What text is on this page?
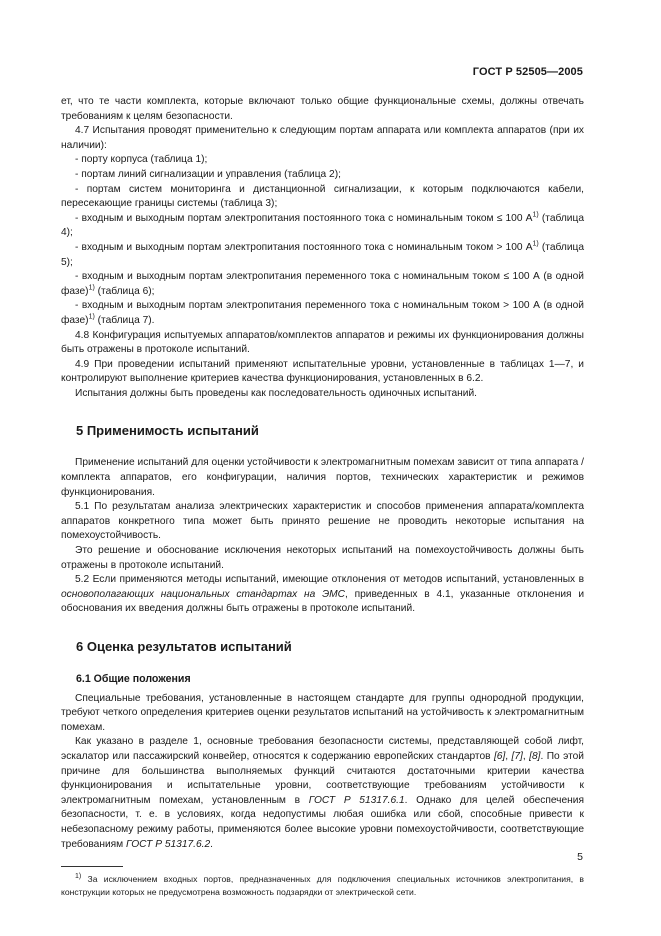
ГОСТ Р 52505—2005

ет, что те части комплекта, которые включают только общие функциональные схемы, должны отвечать требованиям к целям безопасности.

4.7 Испытания проводят применительно к следующим портам аппарата или комплекта аппаратов (при их наличии):

- порту корпуса (таблица 1);

- портам линий сигнализации и управления (таблица 2);

- портам систем мониторинга и дистанционной сигнализации, к которым подключаются кабели, пересекающие границы системы (таблица 3);

- входным и выходным портам электропитания постоянного тока с номинальным током ≤ 100 $А^{1)}$ (таблица 4);

- входным и выходным портам электропитания постоянного тока с номинальным током > 100 $А^{1)}$ (таблица 5);

- входным и выходным портам электропитания переменного тока с номинальным током ≤ 100 А (в одной фазе)$^{1)}$ (таблица 6);

- входным и выходным портам электропитания переменного тока с номинальным током > 100 А (в одной фазе)$^{1)}$ (таблица 7).

4.8 Конфигурация испытуемых аппаратов/комплектов аппаратов и режимы их функционирования должны быть отражены в протоколе испытаний.

4.9 При проведении испытаний применяют испытательные уровни, установленные в таблицах 1—7, и контролируют выполнение критериев качества функционирования, установленных в 6.2.

Испытания должны быть проведены как последовательность одиночных испытаний.

5 Применимость испытаний

Применение испытаний для оценки устойчивости к электромагнитным помехам зависит от типа аппарата / комплекта аппаратов, его конфигурации, наличия портов, технических характеристик и режимов функционирования.

5.1 По результатам анализа электрических характеристик и способов применения аппарата/комплекта аппаратов конкретного типа может быть принято решение не проводить некоторые испытания на помехоустойчивость.

Это решение и обоснование исключения некоторых испытаний на помехоустойчивость должны быть отражены в протоколе испытаний.

5.2 Если применяются методы испытаний, имеющие отклонения от методов испытаний, установленных в основополагающих национальных стандартах на ЭМС, приведенных в 4.1, указанные отклонения и обоснования их введения должны быть отражены в протоколе испытаний.

6 Оценка результатов испытаний
6.1 Общие положения

Специальные требования, установленные в настоящем стандарте для группы однородной продукции, требуют четкого определения критериев оценки результатов испытаний на устойчивость к электромагнитным помехам.

Как указано в разделе 1, основные требования безопасности системы, представляющей собой лифт, эскалатор или пассажирский конвейер, относятся к содержанию европейских стандартов [6], [7], [8]. По этой причине для большинства выполняемых функций считаются достаточными критерии качества функционирования и испытательные уровни, соответствующие требованиям устойчивости к электромагнитным помехам, установленным в ГОСТ Р 51317.6.1. Однако для целей обеспечения безопасности, т. е. в условиях, когда недопустимы любая ошибка или сбой, способные привести к небезопасному режиму работы, применяются более высокие уровни помехоустойчивости, соответствующие требованиям ГОСТ Р 51317.6.2.

$^{1)}$ За исключением входных портов, предназначенных для подключения специальных источников электропитания, в конструкции которых не предусмотрена возможность подзарядки от электрической сети.

5
